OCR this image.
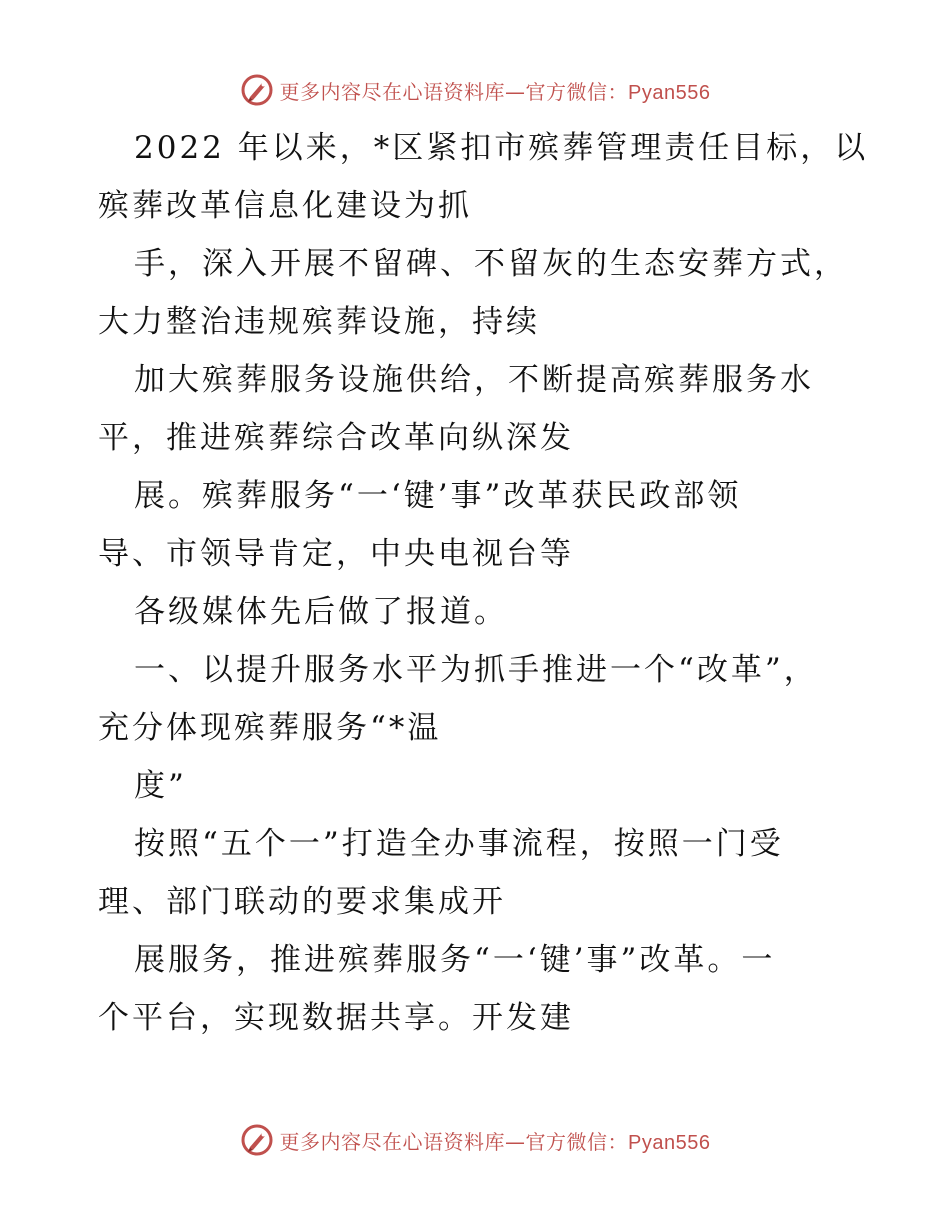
更多内容尽在心语资料库—官方微信：Pyan556
2022 年以来，*区紧扣市殡葬管理责任目标，以
殡葬改革信息化建设为抓
手，深入开展不留碑、不留灰的生态安葬方式，
大力整治违规殡葬设施，持续
加大殡葬服务设施供给，不断提高殡葬服务水
平，推进殡葬综合改革向纵深发
展。殡葬服务“一‘键’事”改革获民政部领
导、市领导肯定，中央电视台等
各级媒体先后做了报道。
一、以提升服务水平为抓手推进一个“改革”，
充分体现殡葬服务“*温
度”
按照“五个一”打造全办事流程，按照一门受
理、部门联动的要求集成开
展服务，推进殡葬服务“一‘键’事”改革。一
个平台，实现数据共享。开发建
更多内容尽在心语资料库—官方微信：Pyan556
